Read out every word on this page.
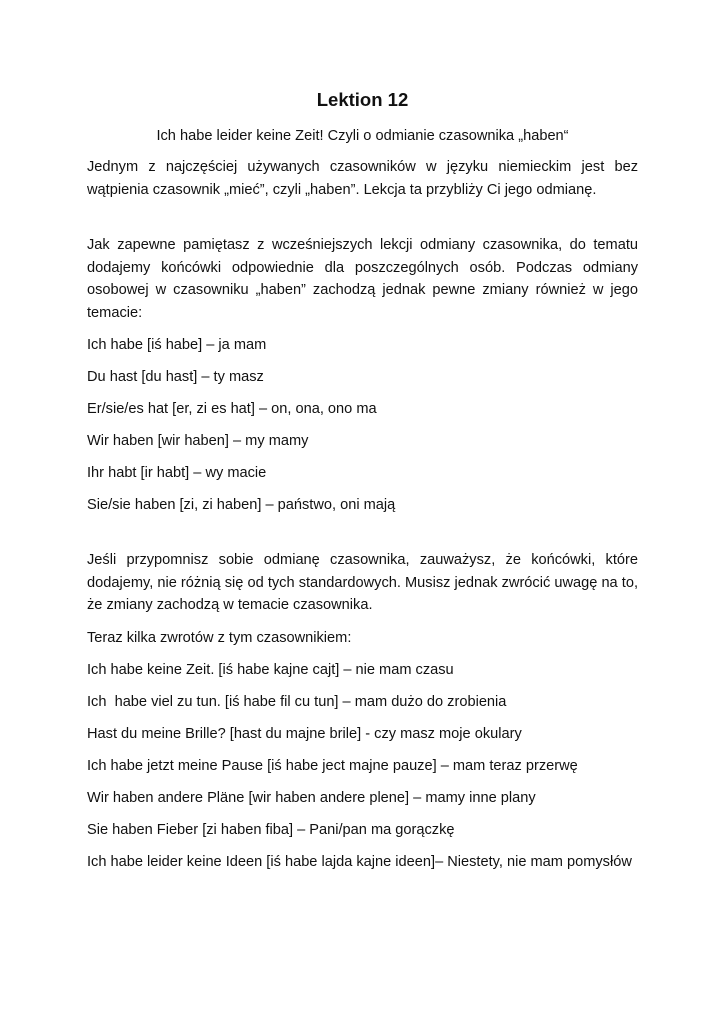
Lektion 12

Ich habe leider keine Zeit! Czyli o odmianie czasownika „haben“

Jednym z najczęściej używanych czasowników w języku niemieckim jest bez wątpienia czasownik „mieć”, czyli „haben”. Lekcja ta przybliży Ci jego odmianę.

Jak zapewne pamiętasz z wcześniejszych lekcji odmiany czasownika, do tematu dodajemy końcówki odpowiednie dla poszczególnych osób. Podczas odmiany osobowej w czasowniku „haben” zachodzą jednak pewne zmiany również w jego temacie:

Ich habe [iś habe] – ja mam

Du hast [du hast] – ty masz

Er/sie/es hat [er, zi es hat] – on, ona, ono ma

Wir haben [wir haben] – my mamy

Ihr habt [ir habt] – wy macie

Sie/sie haben [zi, zi haben] – państwo, oni mają

Jeśli przypomnisz sobie odmianę czasownika, zauważysz, że końcówki, które dodajemy, nie różnią się od tych standardowych. Musisz jednak zwrócić uwagę na to, że zmiany zachodzą w temacie czasownika.

Teraz kilka zwrotów z tym czasownikiem:

Ich habe keine Zeit. [iś habe kajne cajt] – nie mam czasu

Ich  habe viel zu tun. [iś habe fil cu tun] – mam dużo do zrobienia

Hast du meine Brille? [hast du majne brile] - czy masz moje okulary

Ich habe jetzt meine Pause [iś habe ject majne pauze] – mam teraz przerwę

Wir haben andere Pläne [wir haben andere plene] – mamy inne plany

Sie haben Fieber [zi haben fiba] – Pani/pan ma gorączkę

Ich habe leider keine Ideen [iś habe lajda kajne ideen]– Niestety, nie mam pomysłów
